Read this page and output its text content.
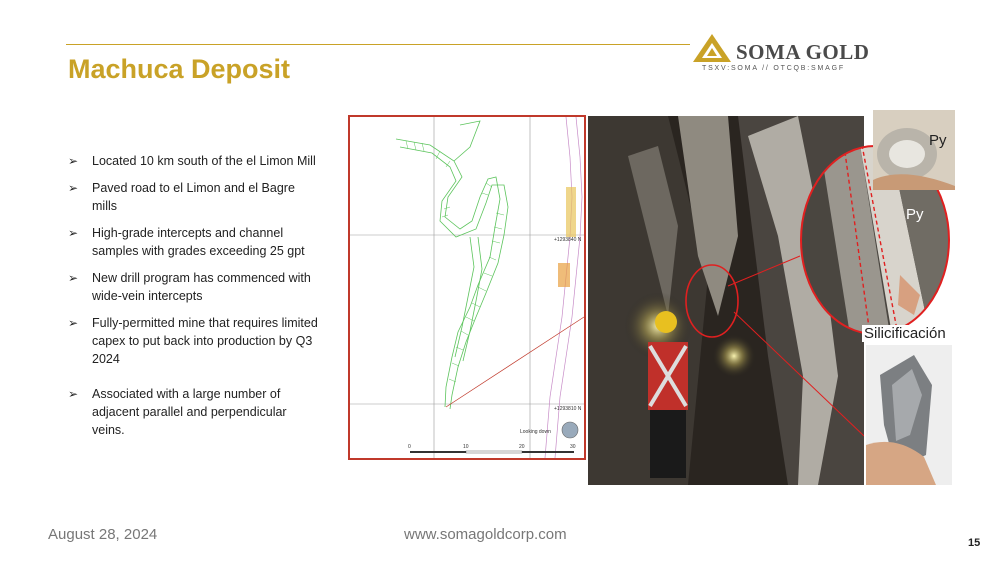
Machuca Deposit
SOMA GOLD
TSXV:SOMA // OTCQB:SMAGF
➢ Located 10 km south of the el Limon Mill
➢ Paved road to el Limon and el Bagre mills
➢ High-grade intercepts and channel samples with grades exceeding 25 gpt
➢ New drill program has commenced with wide-vein intercepts
➢ Fully-permitted mine that requires limited capex to put back into production by Q3 2024
➢ Associated with a large number of adjacent parallel and perpendicular veins.
+1293840 N
+1293810 N
Looking down
0	10	20	30
Py
Py
Silicificación
August 28, 2024	www.somagoldcorp.com	15
